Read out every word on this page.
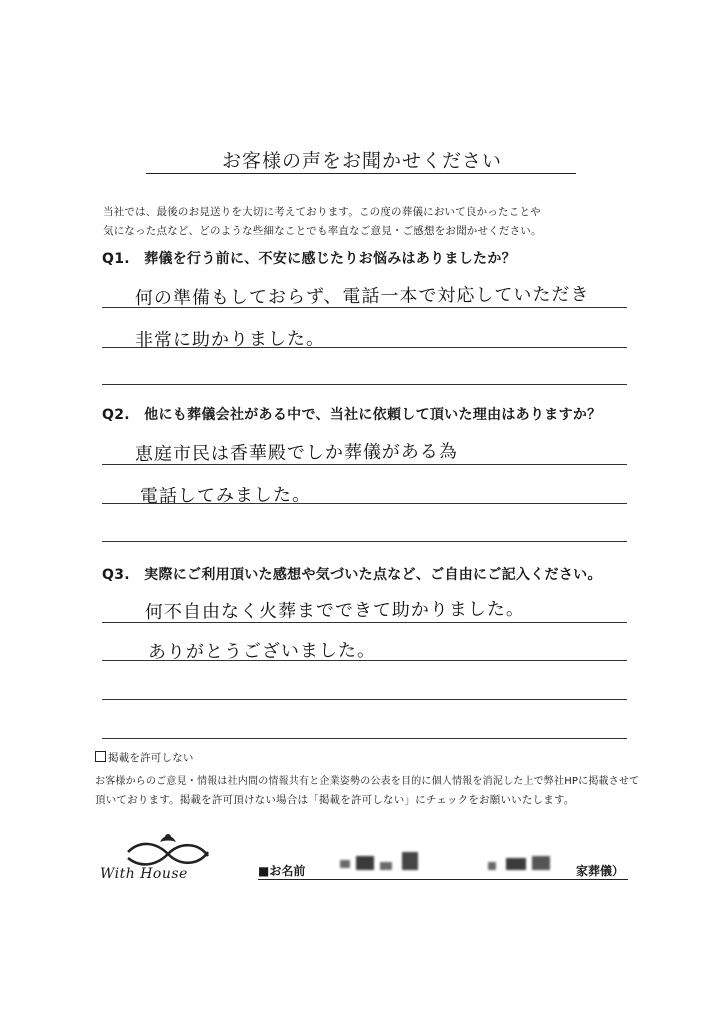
お客様の声をお聞かせください
当社では、最後のお見送りを大切に考えております。この度の葬儀において良かったことや
気になった点など、どのような些細なことでも率直なご意見・ご感想をお聞かせください。
Q1.　葬儀を行う前に、不安に感じたりお悩みはありましたか？
何の準備もしておらず、電話一本で対応していただき
非常に助かりました。
Q2.　他にも葬儀会社がある中で、当社に依頼して頂いた理由はありますか？
恵庭市民は香華殿でしか葬儀がある為
電話してみました。
Q3.　実際にご利用頂いた感想や気づいた点など、ご自由にご記入ください。
何不自由なく火葬までできて助かりました。
ありがとうございました。
掲載を許可しない
お客様からのご意見・情報は社内間の情報共有と企業姿勢の公表を目的に個人情報を消泥した上で弊社HPに掲載させて
頂いております。掲載を許可頂けない場合は「掲載を許可しない」にチェックをお願いいたします。
With House	■お名前	家葬儀）
